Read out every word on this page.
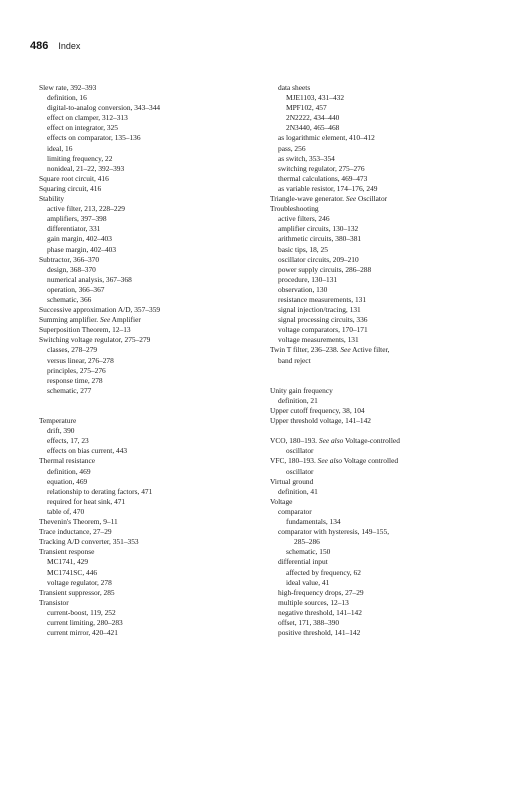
486 Index
Slew rate, 392–393
definition, 16
digital-to-analog conversion, 343–344
effect on clamper, 312–313
effect on integrator, 325
effects on comparator, 135–136
ideal, 16
limiting frequency, 22
nonideal, 21–22, 392–393
Square root circuit, 416
Squaring circuit, 416
Stability
active filter, 213, 228–229
amplifiers, 397–398
differentiator, 331
gain margin, 402–403
phase margin, 402–403
Subtractor, 366–370
design, 368–370
numerical analysis, 367–368
operation, 366–367
schematic, 366
Successive approximation A/D, 357–359
Summing amplifier. See Amplifier
Superposition Theorem, 12–13
Switching voltage regulator, 275–279
classes, 278–279
versus linear, 276–278
principles, 275–276
response time, 278
schematic, 277
Temperature
drift, 390
effects, 17, 23
effects on bias current, 443
Thermal resistance
definition, 469
equation, 469
relationship to derating factors, 471
required for heat sink, 471
table of, 470
Thevenin's Theorem, 9–11
Trace inductance, 27–29
Tracking A/D converter, 351–353
Transient response
MC1741, 429
MC1741SC, 446
voltage regulator, 278
Transient suppressor, 285
Transistor
current-boost, 119, 252
current limiting, 280–283
current mirror, 420–421
data sheets
MJE1103, 431–432
MPF102, 457
2N2222, 434–440
2N3440, 465–468
as logarithmic element, 410–412
pass, 256
as switch, 353–354
switching regulator, 275–276
thermal calculations, 469–473
as variable resistor, 174–176, 249
Triangle-wave generator. See Oscillator
Troubleshooting
active filters, 246
amplifier circuits, 130–132
arithmetic circuits, 380–381
basic tips, 18, 25
oscillator circuits, 209–210
power supply circuits, 286–288
procedure, 130–131
observation, 130
resistance measurements, 131
signal injection/tracing, 131
signal processing circuits, 336
voltage comparators, 170–171
voltage measurements, 131
Twin T filter, 236–238. See Active filter,
band reject
Unity gain frequency
definition, 21
Upper cutoff frequency, 38, 104
Upper threshold voltage, 141–142
VCO, 180–193. See also Voltage-controlled
oscillator
VFC, 180–193. See also Voltage controlled
oscillator
Virtual ground
definition, 41
Voltage
comparator
fundamentals, 134
comparator with hysteresis, 149–155,
285–286
schematic, 150
differential input
affected by frequency, 62
ideal value, 41
high-frequency drops, 27–29
multiple sources, 12–13
negative threshold, 141–142
offset, 171, 388–390
positive threshold, 141–142
